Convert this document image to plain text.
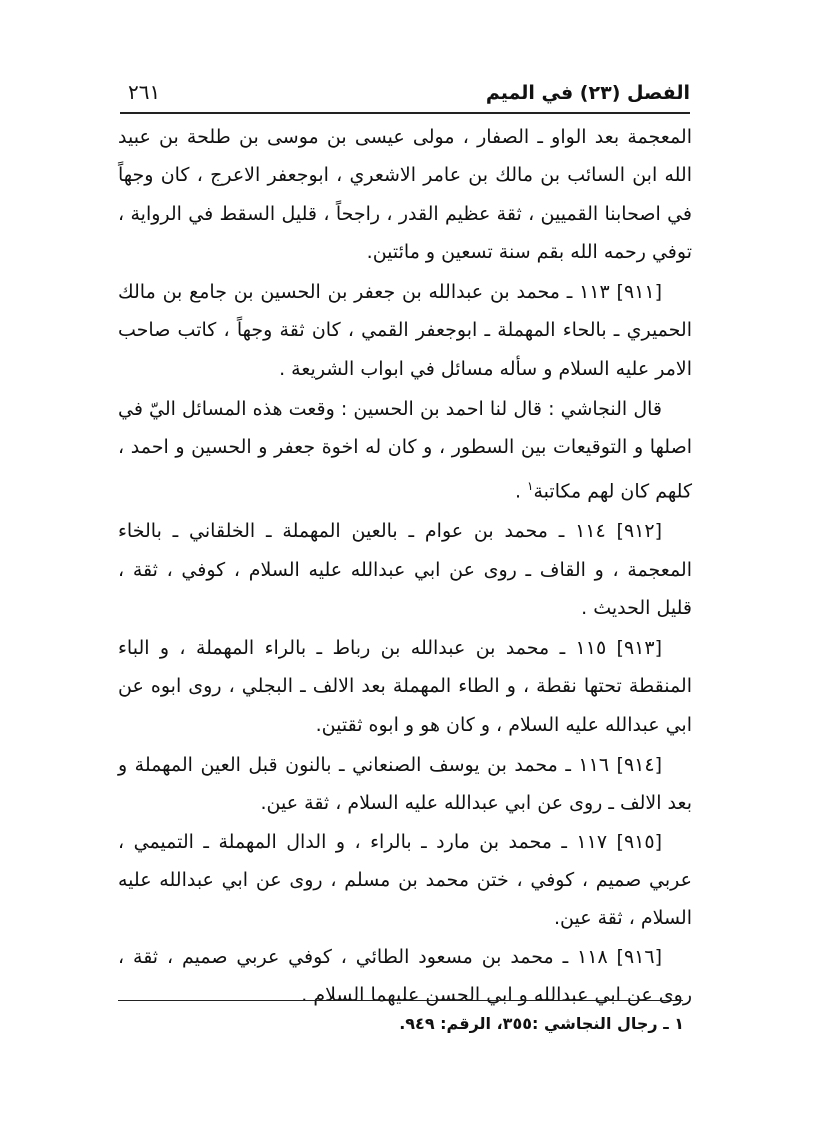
الفصل (٢٣) في الميم
٢٦١

المعجمة بعد الواو ـ الصفار ، مولى عيسى بن موسى بن طلحة بن عبيد الله ابن السائب بن مالك بن عامر الاشعري ، ابوجعفر الاعرج ، كان وجهاً في اصحابنا القميين ، ثقة عظيم القدر ، راجحاً ، قليل السقط في الرواية ، توفي رحمه الله بقم سنة تسعين و مائتين.

[٩١١] ١١٣ ـ محمد بن عبدالله بن جعفر بن الحسين بن جامع بن مالك الحميري ـ بالحاء المهملة ـ ابوجعفر القمي ، كان ثقة وجهاً ، كاتب صاحب الامر عليه السلام و سأله مسائل في ابواب الشريعة .

قال النجاشي : قال لنا احمد بن الحسين : وقعت هذه المسائل اليّ في اصلها و التوقيعات بين السطور ، و كان له اخوة جعفر و الحسين و احمد ، كلهم كان لهم مكاتبة$^١$ .

[٩١٢] ١١٤ ـ محمد بن عوام ـ بالعين المهملة ـ الخلقاني ـ بالخاء المعجمة ، و القاف ـ روى عن ابي عبدالله عليه السلام ، كوفي ، ثقة ، قليل الحديث .

[٩١٣] ١١٥ ـ محمد بن عبدالله بن رباط ـ بالراء المهملة ، و الباء المنقطة تحتها نقطة ، و الطاء المهملة بعد الالف ـ البجلي ، روى ابوه عن ابي عبدالله عليه السلام ، و كان هو و ابوه ثقتين.

[٩١٤] ١١٦ ـ محمد بن يوسف الصنعاني ـ بالنون قبل العين المهملة و بعد الالف ـ روى عن ابي عبدالله عليه السلام ، ثقة عين.

[٩١٥] ١١٧ ـ محمد بن مارد ـ بالراء ، و الدال المهملة ـ التميمي ، عربي صميم ، كوفي ، ختن محمد بن مسلم ، روى عن ابي عبدالله عليه السلام ، ثقة عين.

[٩١٦] ١١٨ ـ محمد بن مسعود الطائي ، كوفي عربي صميم ، ثقة ، روى عن ابي عبدالله و ابي الحسن عليهما السلام .

١ ـ رجال النجاشي :٣٥٥، الرقم: ٩٤٩.
